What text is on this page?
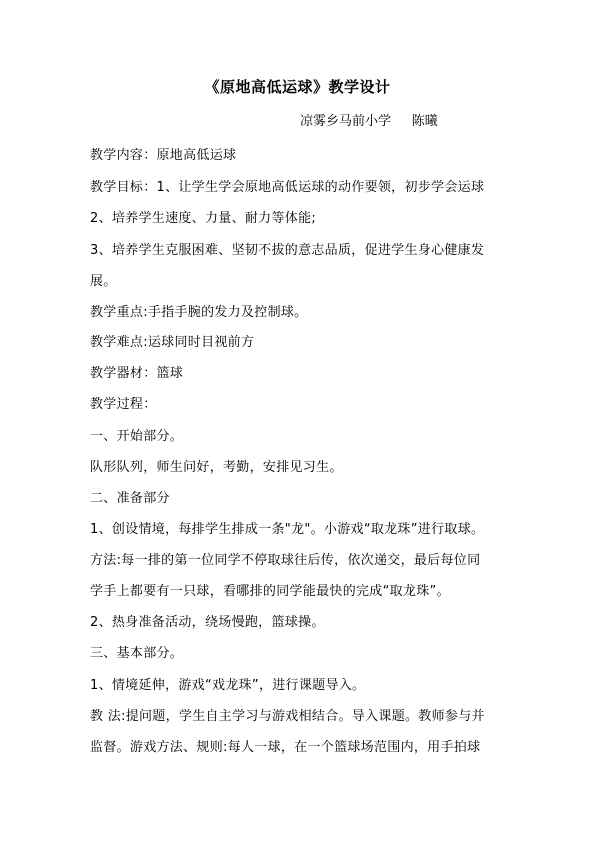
《原地高低运球》教学设计
凉雾乡马前小学 陈曦
教学内容：原地高低运球
教学目标：1、让学生学会原地高低运球的动作要领，初步学会运球
2、培养学生速度、力量、耐力等体能;
3、培养学生克服困难、坚韧不拔的意志品质，促进学生身心健康发
展。
教学重点:手指手腕的发力及控制球。
教学难点:运球同时目视前方
教学器材：篮球
教学过程：
一、开始部分。
队形队列，师生问好，考勤，安排见习生。
二、准备部分
1、创设情境，每排学生排成一条"龙"。小游戏“取龙珠”进行取球。
方法:每一排的第一位同学不停取球往后传，依次递交，最后每位同
学手上都要有一只球，看哪排的同学能最快的完成“取龙珠”。
2、热身准备活动，绕场慢跑，篮球操。
三、基本部分。
1、情境延伸，游戏“戏龙珠”，进行课题导入。
教 法:提问题，学生自主学习与游戏相结合。导入课题。教师参与并
监督。游戏方法、规则:每人一球，在一个篮球场范围内，用手拍球
